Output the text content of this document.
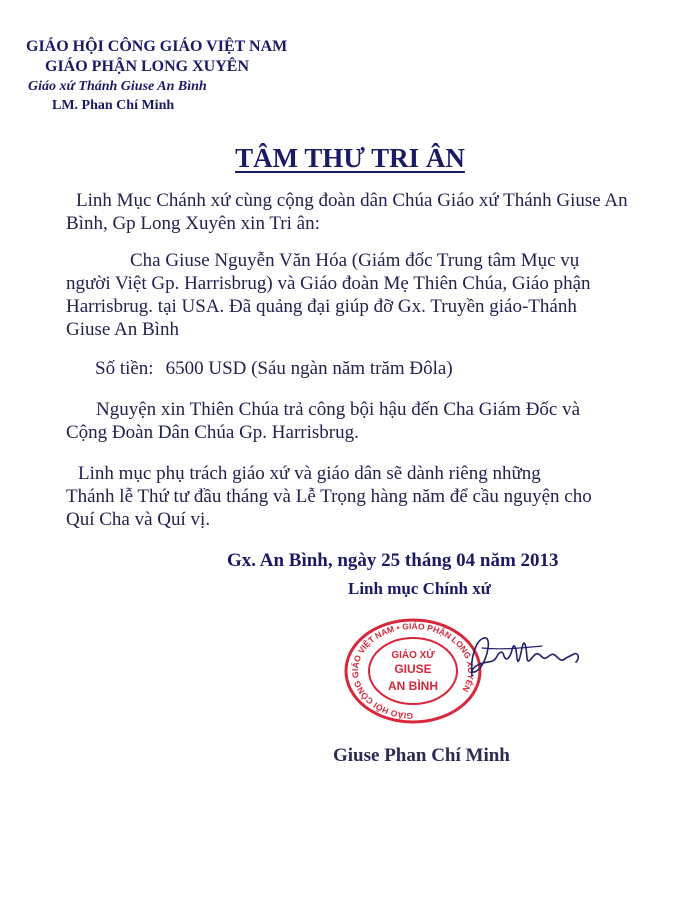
GIÁO HỘI CÔNG GIÁO VIỆT NAM
GIÁO PHẬN LONG XUYÊN
Giáo xứ Thánh Giuse An Bình
LM. Phan Chí Minh
TÂM THƯ TRI ÂN
Linh Mục Chánh xứ cùng cộng đoàn dân Chúa Giáo xứ Thánh Giuse An Bình, Gp Long Xuyên xin Tri ân:
Cha Giuse Nguyễn Văn Hóa (Giám đốc Trung tâm Mục vụ
người Việt Gp. Harrisbrug) và Giáo đoàn Mẹ Thiên Chúa, Giáo phận
Harrisbrug. tại USA. Đã quảng đại giúp đỡ Gx. Truyền giáo-Thánh
Giuse An Bình
Số tiền: 6500 USD (Sáu ngàn năm trăm Đôla)
Nguyện xin Thiên Chúa trả công bội hậu đến Cha Giám Đốc và
Cộng Đoàn Dân Chúa Gp. Harrisbrug.
Linh mục phụ trách giáo xứ và giáo dân sẽ dành riêng những
Thánh lễ Thứ tư đầu tháng và Lễ Trọng hàng năm để cầu nguyện cho
Quí Cha và Quí vị.
Gx. An Bình, ngày 25 tháng 04 năm 2013
Linh mục Chính xứ
GIÁO HỘI CÔNG GIÁO VIỆT NAM • GIÁO PHẬN LONG XUYÊN
GIÁO XỨ
GIUSE
AN BÌNH
Giuse Phan Chí Minh
